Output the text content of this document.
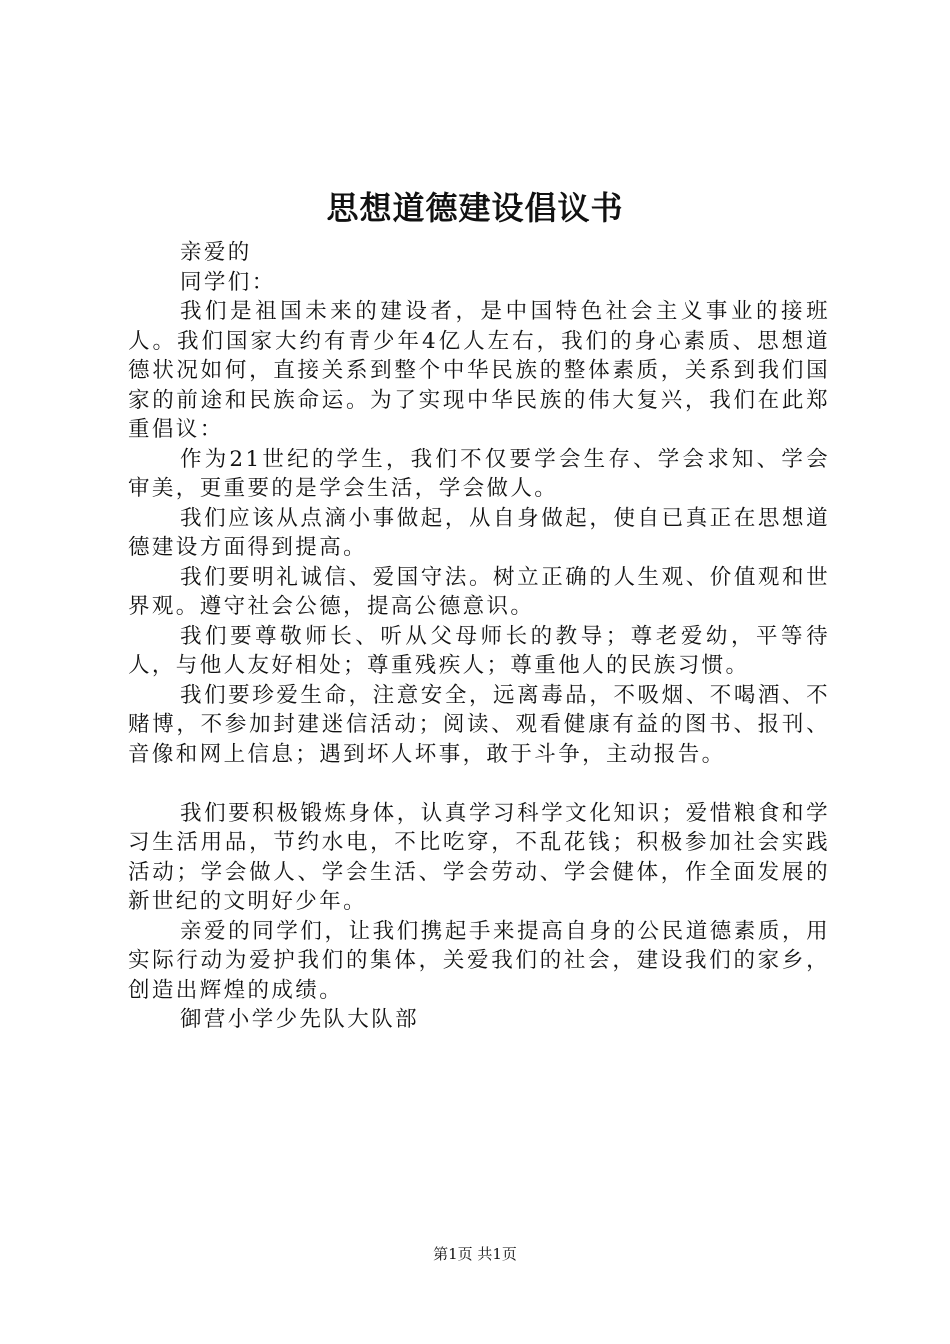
思想道德建设倡议书

亲爱的

同学们：

我们是祖国未来的建设者，是中国特色社会主义事业的接班人。我们国家大约有青少年4亿人左右，我们的身心素质、思想道德状况如何，直接关系到整个中华民族的整体素质，关系到我们国家的前途和民族命运。为了实现中华民族的伟大复兴，我们在此郑重倡议：

作为21世纪的学生，我们不仅要学会生存、学会求知、学会审美，更重要的是学会生活，学会做人。

我们应该从点滴小事做起，从自身做起，使自已真正在思想道德建设方面得到提高。

我们要明礼诚信、爱国守法。树立正确的人生观、价值观和世界观。遵守社会公德，提高公德意识。

我们要尊敬师长、听从父母师长的教导；尊老爱幼，平等待人，与他人友好相处；尊重残疾人；尊重他人的民族习惯。

我们要珍爱生命，注意安全，远离毒品，不吸烟、不喝酒、不赌博，不参加封建迷信活动；阅读、观看健康有益的图书、报刊、音像和网上信息；遇到坏人坏事，敢于斗争，主动报告。

我们要积极锻炼身体，认真学习科学文化知识；爱惜粮食和学习生活用品，节约水电，不比吃穿，不乱花钱；积极参加社会实践活动；学会做人、学会生活、学会劳动、学会健体，作全面发展的新世纪的文明好少年。

亲爱的同学们，让我们携起手来提高自身的公民道德素质，用实际行动为爱护我们的集体，关爱我们的社会，建设我们的家乡，创造出辉煌的成绩。

御营小学少先队大队部

第1页 共1页
